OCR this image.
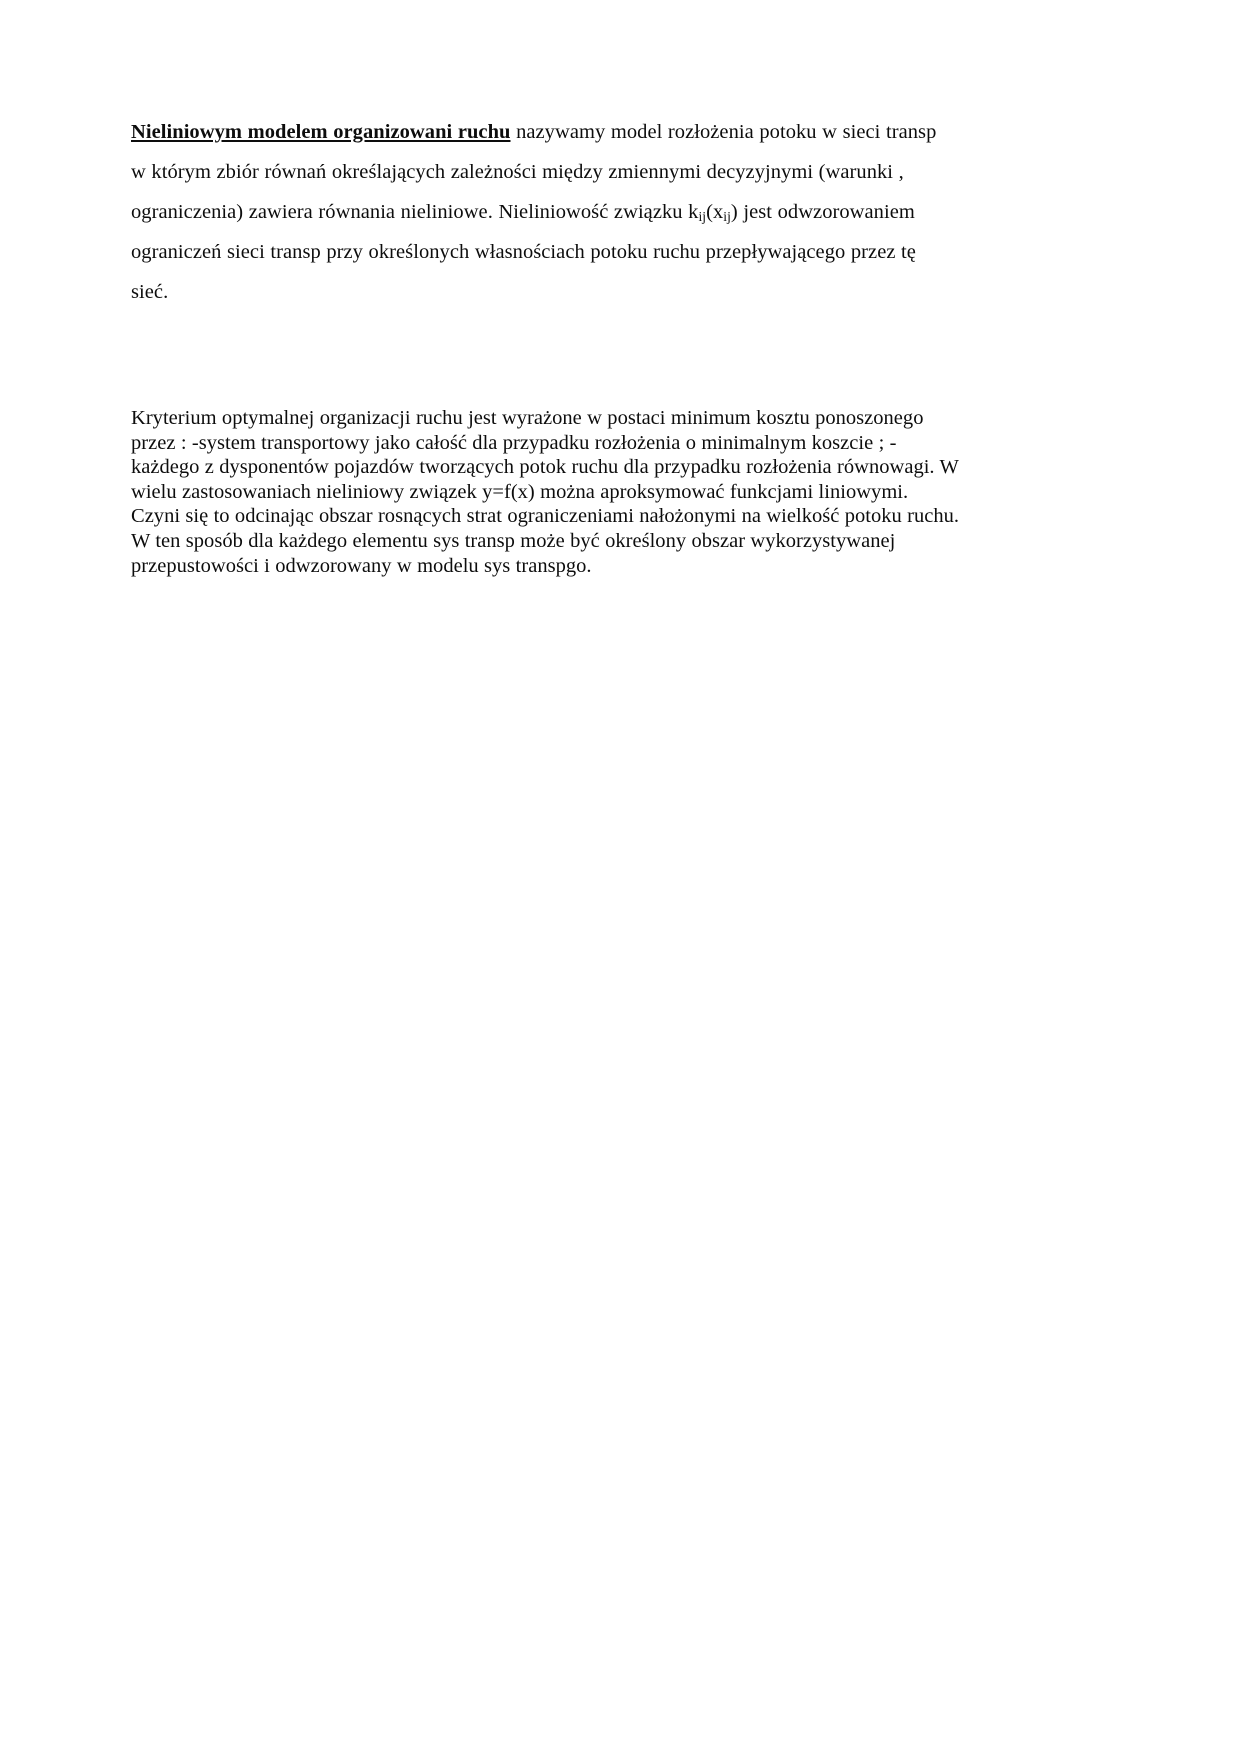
Nieliniowym modelem organizowani ruchu nazywamy model rozłożenia potoku w sieci transp w którym zbiór równań określających zależności między zmiennymi decyzyjnymi (warunki , ograniczenia) zawiera równania nieliniowe. Nieliniowość związku $k_{ij}(x_{ij})$ jest odwzorowaniem ograniczeń sieci transp przy określonych własnościach potoku ruchu przepływającego przez tę sieć.

Kryterium optymalnej organizacji ruchu jest wyrażone w postaci minimum kosztu ponoszonego przez : -system transportowy jako całość dla przypadku rozłożenia o minimalnym koszcie ; -każdego z dysponentów pojazdów tworzących potok ruchu dla przypadku rozłożenia równowagi. W wielu zastosowaniach nieliniowy związek y=f(x) można aproksymować funkcjami liniowymi. Czyni się to odcinając obszar rosnących strat ograniczeniami nałożonymi na wielkość potoku ruchu. W ten sposób dla każdego elementu sys transp może być określony obszar wykorzystywanej przepustowości i odwzorowany w modelu sys transpgo.
